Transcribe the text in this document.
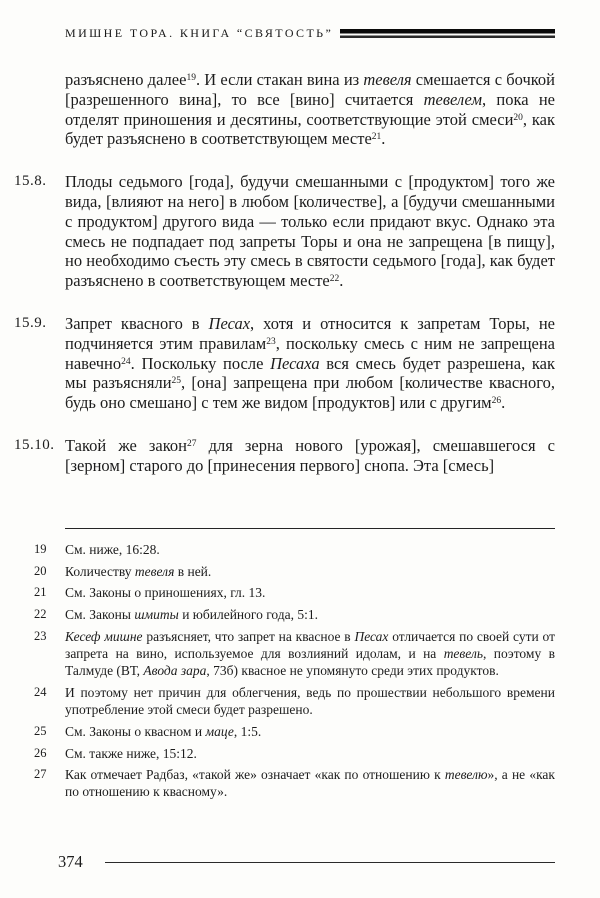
МИШНЕ ТОРА. КНИГА “СВЯТОСТЬ”

разъяснено далее$^{19}$. И если стакан вина из тевеля смешается с бочкой [разрешенного вина], то все [вино] считается тевелем, пока не отделят приношения и десятины, соответствующие этой смеси$^{20}$, как будет разъяснено в соответствующем месте$^{21}$.

15.8. Плоды седьмого [года], будучи смешанными с [продуктом] того же вида, [влияют на него] в любом [количестве], а [будучи смешанными с продуктом] другого вида — только если придают вкус. Однако эта смесь не подпадает под запреты Торы и она не запрещена [в пищу], но необходимо съесть эту смесь в святости седьмого [года], как будет разъяснено в соответствующем месте$^{22}$.

15.9. Запрет квасного в Песах, хотя и относится к запретам Торы, не подчиняется этим правилам$^{23}$, поскольку смесь с ним не запрещена навечно$^{24}$. Поскольку после Песаха вся смесь будет разрешена, как мы разъясняли$^{25}$, [она] запрещена при любом [количестве квасного, будь оно смешано] с тем же видом [продуктов] или с другим$^{26}$.

15.10. Такой же закон$^{27}$ для зерна нового [урожая], смешавшегося с [зерном] старого до [принесения первого] снопа. Эта [смесь]

19 См. ниже, 16:28.

20 Количеству тевеля в ней.

21 См. Законы о приношениях, гл. 13.

22 См. Законы шмиты и юбилейного года, 5:1.

23 Кесеф мишне разъясняет, что запрет на квасное в Песах отличается по своей сути от запрета на вино, используемое для возлияний идолам, и на тевель, поэтому в Талмуде (ВТ, Авода зара, 73б) квасное не упомянуто среди этих продуктов.

24 И поэтому нет причин для облегчения, ведь по прошествии небольшого времени употребление этой смеси будет разрешено.

25 См. Законы о квасном и маце, 1:5.

26 См. также ниже, 15:12.

27 Как отмечает Радбаз, «такой же» означает «как по отношению к тевелю», а не «как по отношению к квасному».

374
